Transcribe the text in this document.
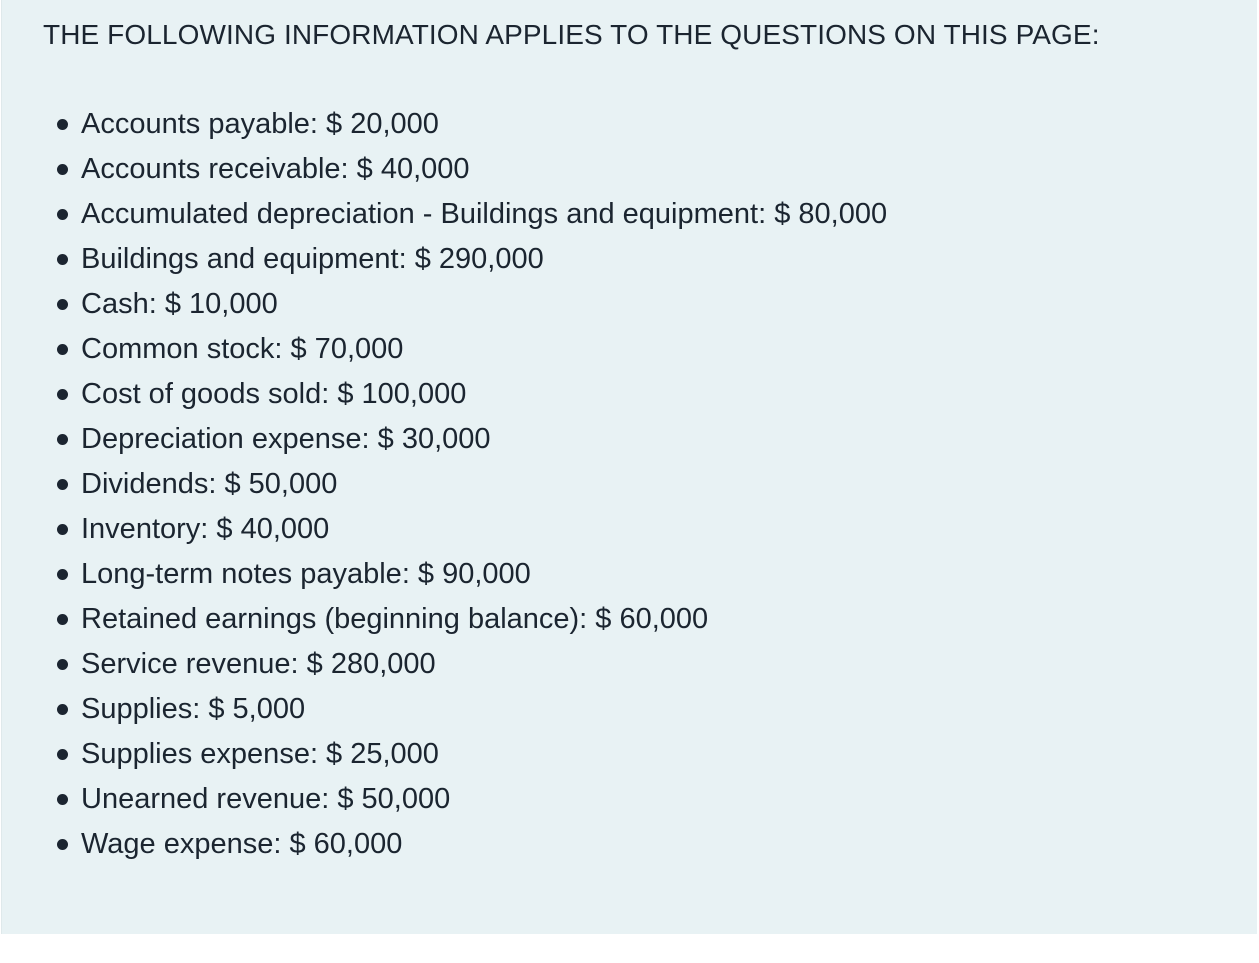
THE FOLLOWING INFORMATION APPLIES TO THE QUESTIONS ON THIS PAGE:
Accounts payable: $ 20,000
Accounts receivable: $ 40,000
Accumulated depreciation - Buildings and equipment: $ 80,000
Buildings and equipment: $ 290,000
Cash: $ 10,000
Common stock: $ 70,000
Cost of goods sold: $ 100,000
Depreciation expense: $ 30,000
Dividends: $ 50,000
Inventory: $ 40,000
Long-term notes payable: $ 90,000
Retained earnings (beginning balance): $ 60,000
Service revenue: $ 280,000
Supplies: $ 5,000
Supplies expense: $ 25,000
Unearned revenue: $ 50,000
Wage expense: $ 60,000
